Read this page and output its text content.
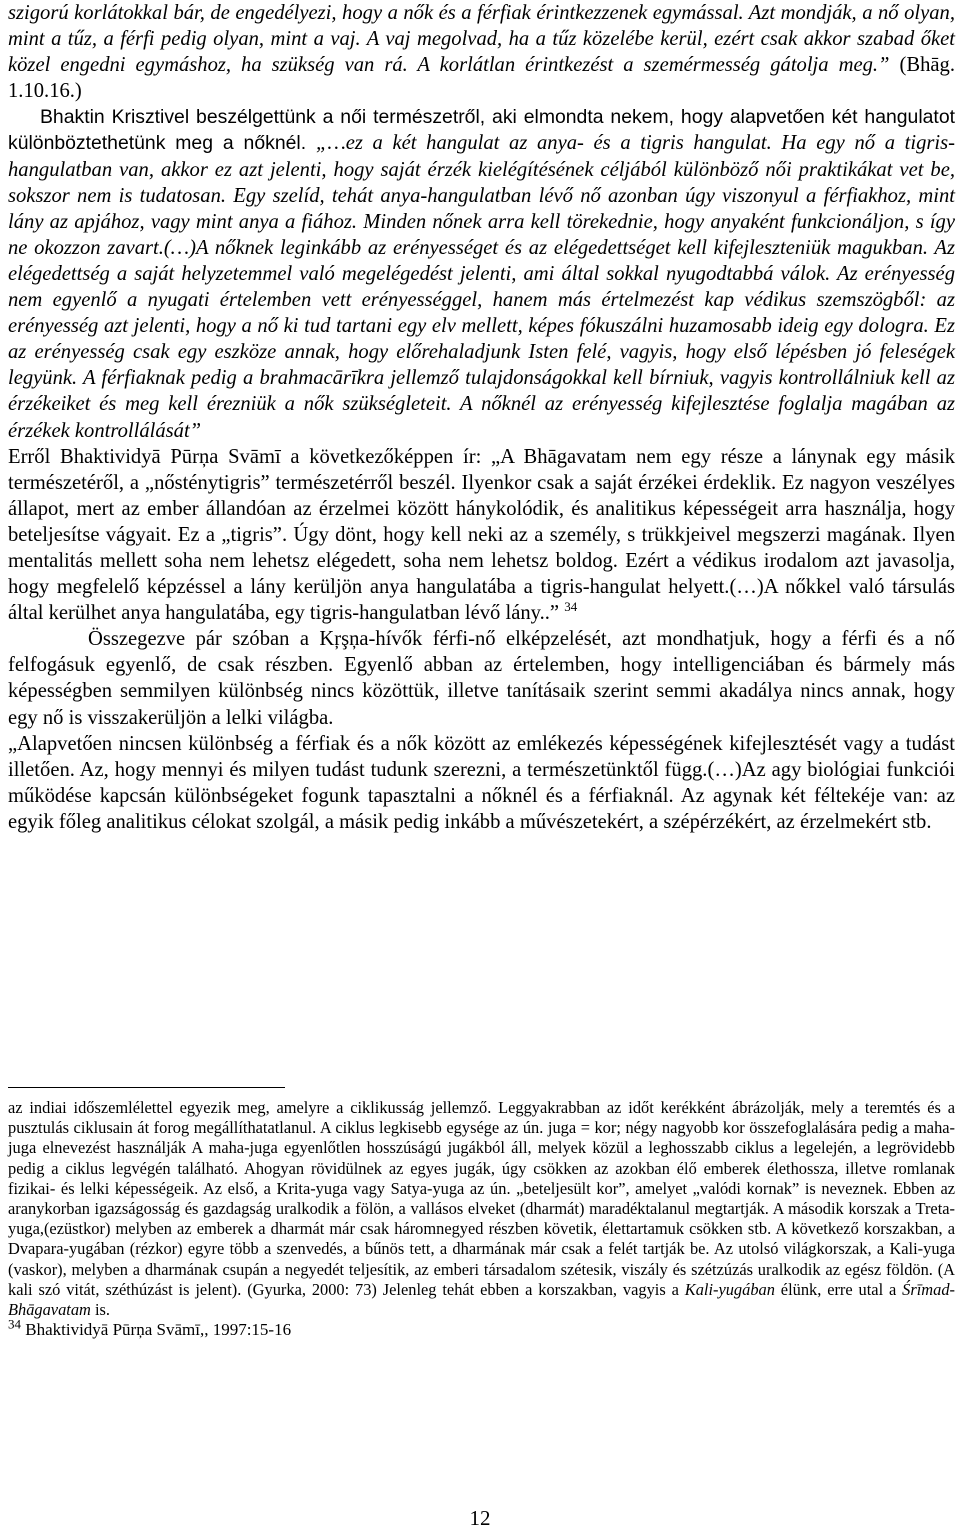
szigorú korlátokkal bár, de engedélyezi, hogy a nők és a férfiak érintkezzenek egymással. Azt mondják, a nő olyan, mint a tűz, a férfi pedig olyan, mint a vaj. A vaj megolvad, ha a tűz közelébe kerül, ezért csak akkor szabad őket közel engedni egymáshoz, ha szükség van rá. A korlátlan érintkezést a szemérmesség gátolja meg.” (Bhāg. 1.10.16.)

Bhaktin Krisztivel beszélgettünk a női természetről, aki elmondta nekem, hogy alapvetően két hangulatot különböztethetünk meg a nőknél. „…ez a két hangulat az anya- és a tigris hangulat. Ha egy nő a tigris-hangulatban van, akkor ez azt jelenti, hogy saját érzék kielégítésének céljából különböző női praktikákat vet be, sokszor nem is tudatosan. Egy szelíd, tehát anya-hangulatban lévő nő azonban úgy viszonyul a férfiakhoz, mint lány az apjához, vagy mint anya a fiához. Minden nőnek arra kell törekednie, hogy anyaként funkcionáljon, s így ne okozzon zavart.(…)A nőknek leginkább az erényességet és az elégedettséget kell kifejleszteniük magukban. Az elégedettség a saját helyzetemmel való megelégedést jelenti, ami által sokkal nyugodtabbá válok. Az erényesség nem egyenlő a nyugati értelemben vett erényességgel, hanem más értelmezést kap védikus szemszögből: az erényesség azt jelenti, hogy a nő ki tud tartani egy elv mellett, képes fókuszálni huzamosabb ideig egy dologra. Ez az erényesség csak egy eszköze annak, hogy előrehaladjunk Isten felé, vagyis, hogy első lépésben jó feleségek legyünk. A férfiaknak pedig a brahmacārīkra jellemző tulajdonságokkal kell bírniuk, vagyis kontrollálniuk kell az érzékeiket és meg kell érezniük a nők szükségleteit. A nőknél az erényesség kifejlesztése foglalja magában az érzékek kontrollálását”

Erről Bhaktividyā Pūrņa Svāmī a következőképpen ír: „A Bhāgavatam nem egy része a lánynak egy másik természetéről, a „nősténytigris” természetérről beszél. Ilyenkor csak a saját érzékei érdeklik. Ez nagyon veszélyes állapot, mert az ember állandóan az érzelmei között hánykolódik, és analitikus képességeit arra használja, hogy beteljesítse vágyait. Ez a „tigris”. Úgy dönt, hogy kell neki az a személy, s trükkjeivel megszerzi magának. Ilyen mentalitás mellett soha nem lehetsz elégedett, soha nem lehetsz boldog. Ezért a védikus irodalom azt javasolja, hogy megfelelő képzéssel a lány kerüljön anya hangulatába a tigris-hangulat helyett.(…)A nőkkel való társulás által kerülhet anya hangulatába, egy tigris-hangulatban lévő lány..” $^{34}$

Összegezve pár szóban a Kŗşņa-hívők férfi-nő elképzelését, azt mondhatjuk, hogy a férfi és a nő felfogásuk egyenlő, de csak részben. Egyenlő abban az értelemben, hogy intelligenciában és bármely más képességben semmilyen különbség nincs közöttük, illetve tanításaik szerint semmi akadálya nincs annak, hogy egy nő is visszakerüljön a lelki világba.

„Alapvetően nincsen különbség a férfiak és a nők között az emlékezés képességének kifejlesztését vagy a tudást illetően. Az, hogy mennyi és milyen tudást tudunk szerezni, a természetünktől függ.(…)Az agy biológiai funkciói működése kapcsán különbségeket fogunk tapasztalni a nőknél és a férfiaknál. Az agynak két féltekéje van: az egyik főleg analitikus célokat szolgál, a másik pedig inkább a művészetekért, a szépérzékért, az érzelmekért stb.

az indiai időszemlélettel egyezik meg, amelyre a ciklikusság jellemző. Leggyakrabban az időt kerékként ábrázolják, mely a teremtés és a pusztulás ciklusain át forog megállíthatatlanul. A ciklus legkisebb egysége az ún. juga = kor; négy nagyobb kor összefoglalására pedig a maha-juga elnevezést használják A maha-juga egyenlőtlen hosszúságú jugákból áll, melyek közül a leghosszabb ciklus a legelején, a legrövidebb pedig a ciklus legvégén található. Ahogyan rövidülnek az egyes jugák, úgy csökken az azokban élő emberek élethossza, illetve romlanak fizikai- és lelki képességeik. Az első, a Krita-yuga vagy Satya-yuga az ún. „beteljesült kor”, amelyet „valódi kornak” is neveznek. Ebben az aranykorban igazságosság és gazdagság uralkodik a fölön, a vallásos elveket (dharmát) maradéktalanul megtartják. A második korszak a Treta-yuga,(ezüstkor) melyben az emberek a dharmát már csak háromnegyed részben követik, élettartamuk csökken stb. A következő korszakban, a Dvapara-yugában (rézkor) egyre több a szenvedés, a bűnös tett, a dharmának már csak a felét tartják be. Az utolsó világkorszak, a Kali-yuga (vaskor), melyben a dharmának csupán a negyedét teljesítik, az emberi társadalom szétesik, viszály és szétzúzás uralkodik az egész földön. (A kali szó vitát, széthúzást is jelent). (Gyurka, 2000: 73) Jelenleg tehát ebben a korszakban, vagyis a Kali-yugában élünk, erre utal a Śrīmad-Bhāgavatam is.

$^{34}$ Bhaktividyā Pūrņa Svāmī,, 1997:15-16

12
